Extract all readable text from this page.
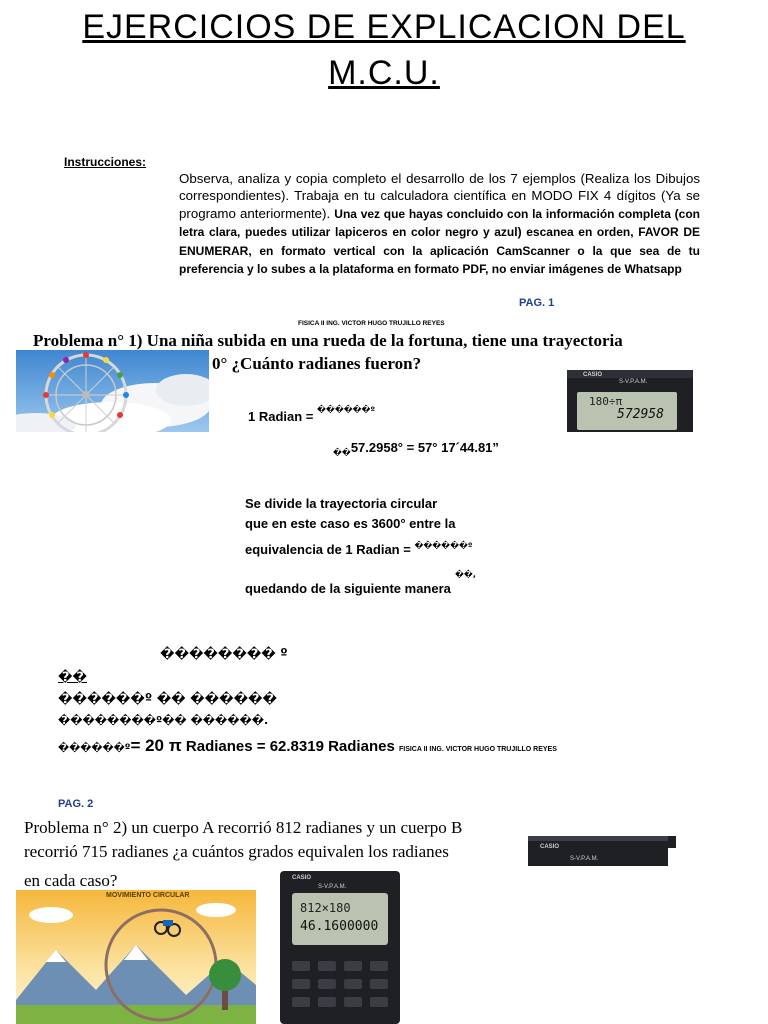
EJERCICIOS DE EXPLICACION DEL
M.C.U.
Instrucciones:
Observa, analiza y copia completo el desarrollo de los 7 ejemplos (Realiza los Dibujos correspondientes). Trabaja en tu calculadora científica en MODO FIX 4 dígitos (Ya se programo anteriormente). Una vez que hayas concluido con la información completa (con letra clara, puedes utilizar lapiceros en color negro y azul) escanea en orden, FAVOR DE ENUMERAR, en formato vertical con la aplicación CamScanner o la que sea de tu preferencia y lo subes a la plataforma en formato PDF, no enviar imágenes de Whatsapp
PAG. 1
FISICA II ING. VICTOR HUGO TRUJILLO REYES
Problema n° 1) Una niña subida en una rueda de la fortuna, tiene una trayectoria
0° ¿Cuánto radianes fueron?
CASIO
S-V.P.A.M.
180÷π
572958
1 Radian = $^{������º}$
$_{��}$57.2958° = 57° 17´44.81”
Se divide la trayectoria circular
que en este caso es 3600° entre la
equivalencia de 1 Radian = $^{������º}$
��,
quedando de la siguiente manera
�������� º
��
������º �� ������
��������º�� ������.
������º= 20 π Radianes = 62.8319 Radianes FISICA II ING. VICTOR HUGO TRUJILLO REYES
PAG. 2
Problema n° 2) un cuerpo A recorrió 812 radianes y un cuerpo B
recorrió 715 radianes ¿a cuántos grados equivalen los radianes
en cada caso?
CASIO
S-V.P.A.M.
MOVIMIENTO CIRCULAR
CASIO
S-V.P.A.M.
812×180
46.1600000
